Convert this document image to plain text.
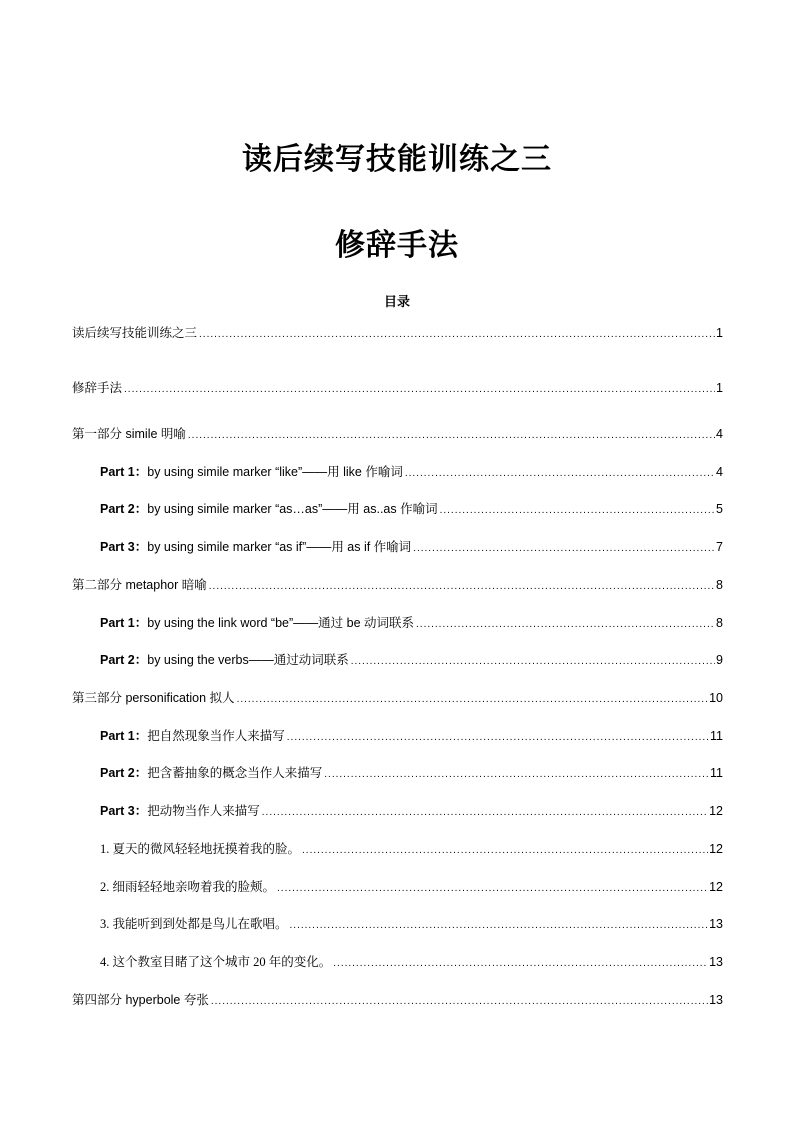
读后续写技能训练之三
修辞手法
目录
读后续写技能训练之三 .....	1
修辞手法 .....	1
第一部分 simile 明喻 .....	4
Part 1：by using simile marker “like”——用 like 作喻词 .....	4
Part 2：by using simile marker “as…as”——用 as..as 作喻词 .....	5
Part 3：by using simile marker “as if”——用 as if 作喻词 .....	7
第二部分 metaphor 暗喻 .....	8
Part 1：by using the link word “be”——通过 be 动词联系 .....	8
Part 2：by using the verbs——通过动词联系 .....	9
第三部分 personification 拟人 .....	10
Part 1：把自然现象当作人来描写 .....	11
Part 2：把含蓄抽象的概念当作人来描写 .....	11
Part 3：把动物当作人来描写 .....	12
1. 夏天的微风轻轻地抚摸着我的脸。 .....	12
2. 细雨轻轻地亲吻着我的脸颊。 .....	12
3. 我能听到到处都是鸟儿在歌唱。 .....	13
4. 这个教室目睹了这个城市 20 年的变化。 .....	13
第四部分 hyperbole 夸张 .....	13
